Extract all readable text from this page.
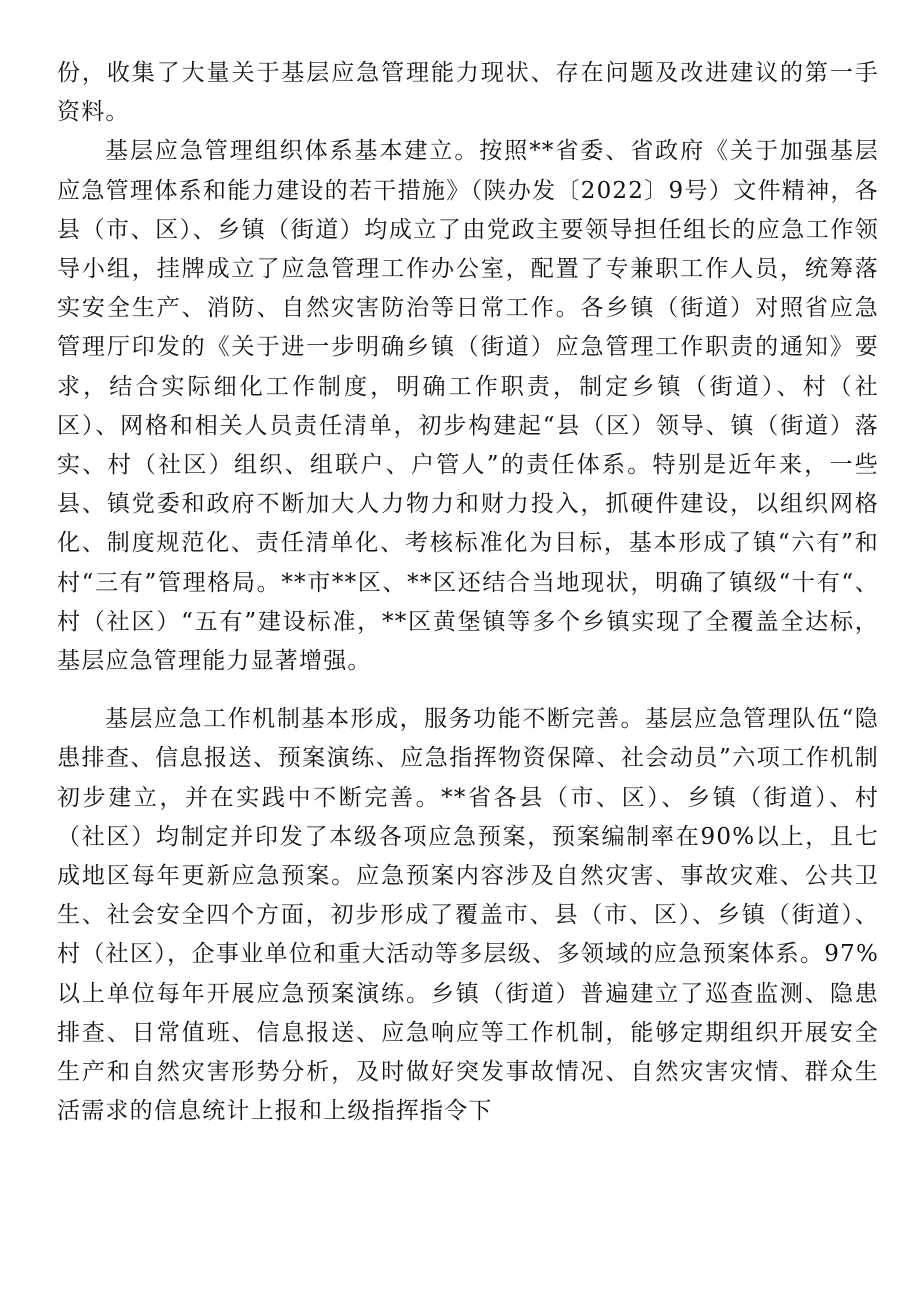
份，收集了大量关于基层应急管理能力现状、存在问题及改进建议的第一手资料。

基层应急管理组织体系基本建立。按照**省委、省政府《关于加强基层应急管理体系和能力建设的若干措施》（陕办发〔2022〕9号）文件精神，各县（市、区）、乡镇（街道）均成立了由党政主要领导担任组长的应急工作领导小组，挂牌成立了应急管理工作办公室，配置了专兼职工作人员，统筹落实安全生产、消防、自然灾害防治等日常工作。各乡镇（街道）对照省应急管理厅印发的《关于进一步明确乡镇（街道）应急管理工作职责的通知》要求，结合实际细化工作制度，明确工作职责，制定乡镇（街道）、村（社区）、网格和相关人员责任清单，初步构建起“县（区）领导、镇（街道）落实、村（社区）组织、组联户、户管人”的责任体系。特别是近年来，一些县、镇党委和政府不断加大人力物力和财力投入，抓硬件建设，以组织网格化、制度规范化、责任清单化、考核标准化为目标，基本形成了镇“六有”和村“三有”管理格局。**市**区、**区还结合当地现状，明确了镇级“十有“、村（社区）“五有”建设标准，**区黄堡镇等多个乡镇实现了全覆盖全达标，基层应急管理能力显著增强。

基层应急工作机制基本形成，服务功能不断完善。基层应急管理队伍“隐患排查、信息报送、预案演练、应急指挥物资保障、社会动员”六项工作机制初步建立，并在实践中不断完善。**省各县（市、区）、乡镇（街道）、村（社区）均制定并印发了本级各项应急预案，预案编制率在90%以上，且七成地区每年更新应急预案。应急预案内容涉及自然灾害、事故灾难、公共卫生、社会安全四个方面，初步形成了覆盖市、县（市、区）、乡镇（街道）、村（社区），企事业单位和重大活动等多层级、多领域的应急预案体系。97%以上单位每年开展应急预案演练。乡镇（街道）普遍建立了巡查监测、隐患排查、日常值班、信息报送、应急响应等工作机制，能够定期组织开展安全生产和自然灾害形势分析，及时做好突发事故情况、自然灾害灾情、群众生活需求的信息统计上报和上级指挥指令下
